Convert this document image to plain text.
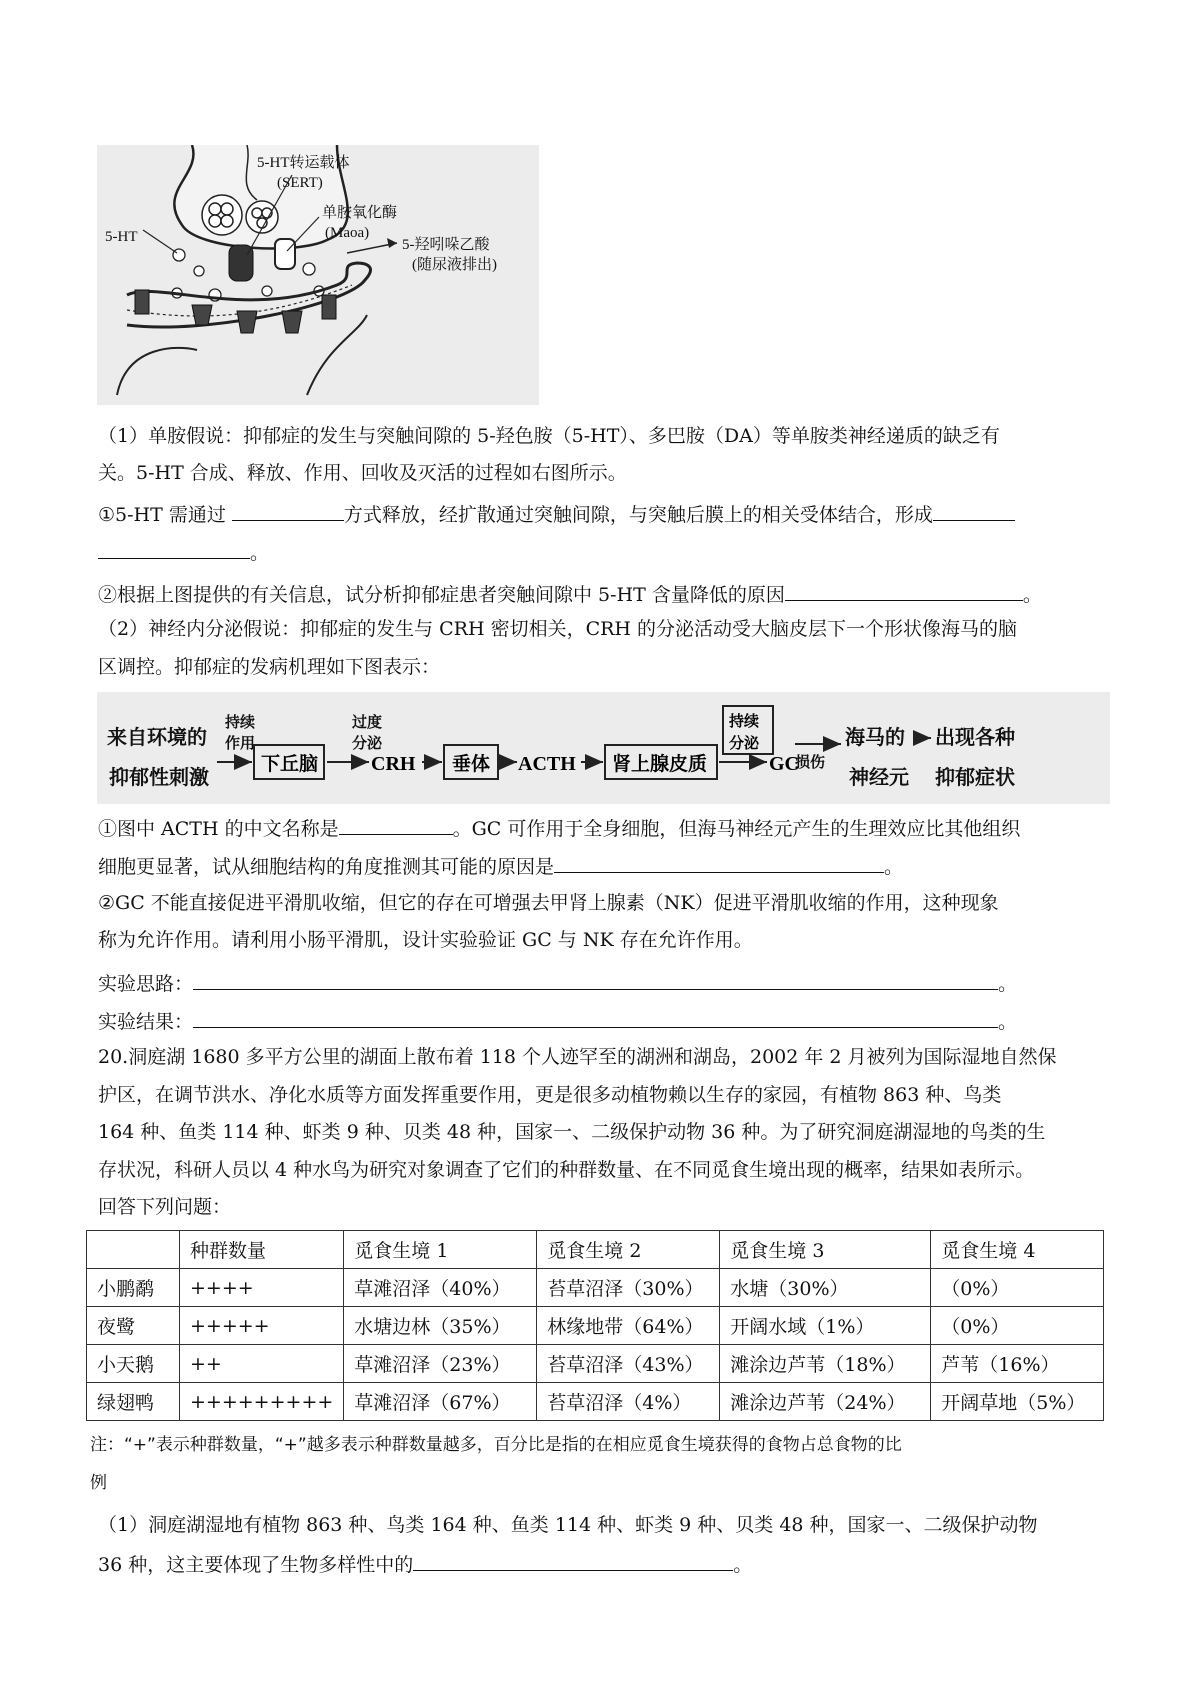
5-HT转运载体
(SERT)
单胺氧化酶
(Maoa)
5-HT	5-羟吲哚乙酸
(随尿液排出)
（1）单胺假说：抑郁症的发生与突触间隙的 5-羟色胺（5-HT）、多巴胺（DA）等单胺类神经递质的缺乏有
关。5-HT 合成、释放、作用、回收及灭活的过程如右图所示。
①5-HT 需通过	方式释放，经扩散通过突触间隙，与突触后膜上的相关受体结合，形成
。
②根据上图提供的有关信息，试分析抑郁症患者突触间隙中 5-HT 含量降低的原因	。
（2）神经内分泌假说：抑郁症的发生与 CRH 密切相关，CRH 的分泌活动受大脑皮层下一个形状像海马的脑
区调控。抑郁症的发病机理如下图表示：
来自环境的
抑郁性刺激
持续
作用
过度
分泌
损伤
下丘脑	CRH 垂体 ACTH 肾上腺皮质
持续
分泌
GC
海马的
神经元
出现各种
抑郁症状
①图中 ACTH 的中文名称是	。GC 可作用于全身细胞，但海马神经元产生的生理效应比其他组织
细胞更显著，试从细胞结构的角度推测其可能的原因是	。
②GC 不能直接促进平滑肌收缩，但它的存在可增强去甲肾上腺素（NK）促进平滑肌收缩的作用，这种现象
称为允许作用。请利用小肠平滑肌，设计实验验证 GC 与 NK 存在允许作用。
实验思路：	。
实验结果：	。
20.洞庭湖 1680 多平方公里的湖面上散布着 118 个人迹罕至的湖洲和湖岛，2002 年 2 月被列为国际湿地自然保
护区，在调节洪水、净化水质等方面发挥重要作用，更是很多动植物赖以生存的家园，有植物 863 种、鸟类
164 种、鱼类 114 种、虾类 9 种、贝类 48 种，国家一、二级保护动物 36 种。为了研究洞庭湖湿地的鸟类的生
存状况，科研人员以 4 种水鸟为研究对象调查了它们的种群数量、在不同觅食生境出现的概率，结果如表所示。
回答下列问题：
	种群数量	觅食生境 1	觅食生境 2	觅食生境 3	觅食生境 4
小鹏鹬	++++	草滩沼泽（40%）	苔草沼泽（30%）	水塘（30%）	（0%）
夜鹭	+++++	水塘边林（35%）	林缘地带（64%）	开阔水域（1%）	（0%）
小天鹅	++	草滩沼泽（23%）	苔草沼泽（43%）	滩涂边芦苇（18%）	芦苇（16%）
绿翅鸭	+++++++++	草滩沼泽（67%）	苔草沼泽（4%）	滩涂边芦苇（24%）	开阔草地（5%）
注：“+”表示种群数量，“+”越多表示种群数量越多，百分比是指的在相应觅食生境获得的食物占总食物的比
例
（1）洞庭湖湿地有植物 863 种、鸟类 164 种、鱼类 114 种、虾类 9 种、贝类 48 种，国家一、二级保护动物
36 种，这主要体现了生物多样性中的	。
